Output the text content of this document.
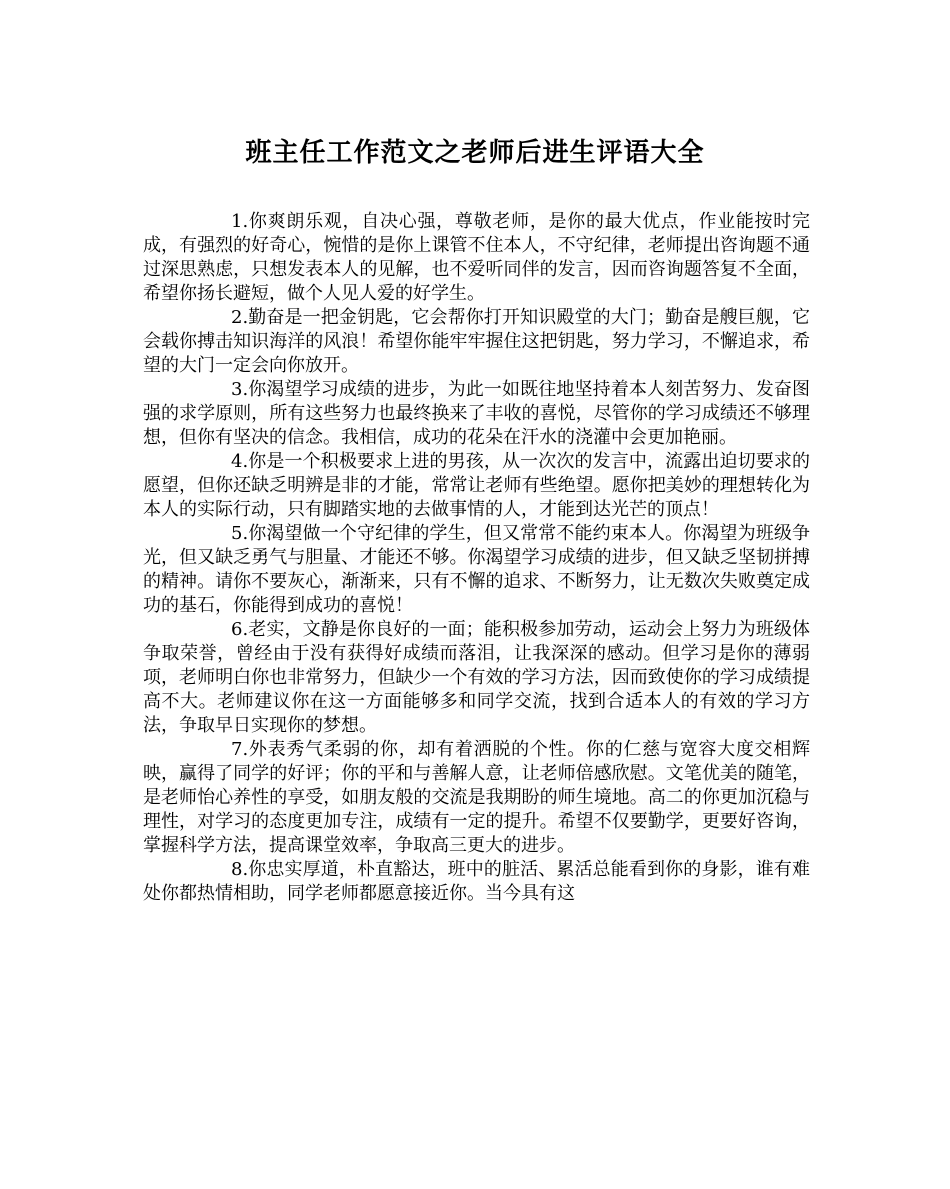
班主任工作范文之老师后进生评语大全

1.你爽朗乐观，自决心强，尊敬老师，是你的最大优点，作业能按时完成，有强烈的好奇心，惋惜的是你上课管不住本人，不守纪律，老师提出咨询题不通过深思熟虑，只想发表本人的见解，也不爱听同伴的发言，因而咨询题答复不全面，希望你扬长避短，做个人见人爱的好学生。

2.勤奋是一把金钥匙，它会帮你打开知识殿堂的大门；勤奋是艘巨舰，它会载你搏击知识海洋的风浪！希望你能牢牢握住这把钥匙，努力学习，不懈追求，希望的大门一定会向你放开。

3.你渴望学习成绩的进步，为此一如既往地坚持着本人刻苦努力、发奋图强的求学原则，所有这些努力也最终换来了丰收的喜悦，尽管你的学习成绩还不够理想，但你有坚决的信念。我相信，成功的花朵在汗水的浇灌中会更加艳丽。

4.你是一个积极要求上进的男孩，从一次次的发言中，流露出迫切要求的愿望，但你还缺乏明辨是非的才能，常常让老师有些绝望。愿你把美妙的理想转化为本人的实际行动，只有脚踏实地的去做事情的人，才能到达光芒的顶点！

5.你渴望做一个守纪律的学生，但又常常不能约束本人。你渴望为班级争光，但又缺乏勇气与胆量、才能还不够。你渴望学习成绩的进步，但又缺乏坚韧拼搏的精神。请你不要灰心，渐渐来，只有不懈的追求、不断努力，让无数次失败奠定成功的基石，你能得到成功的喜悦！

6.老实，文静是你良好的一面；能积极参加劳动，运动会上努力为班级体争取荣誉，曾经由于没有获得好成绩而落泪，让我深深的感动。但学习是你的薄弱项，老师明白你也非常努力，但缺少一个有效的学习方法，因而致使你的学习成绩提高不大。老师建议你在这一方面能够多和同学交流，找到合适本人的有效的学习方法，争取早日实现你的梦想。

7.外表秀气柔弱的你，却有着洒脱的个性。你的仁慈与宽容大度交相辉映，赢得了同学的好评；你的平和与善解人意，让老师倍感欣慰。文笔优美的随笔，是老师怡心养性的享受，如朋友般的交流是我期盼的师生境地。高二的你更加沉稳与理性，对学习的态度更加专注，成绩有一定的提升。希望不仅要勤学，更要好咨询，掌握科学方法，提高课堂效率，争取高三更大的进步。

8.你忠实厚道，朴直豁达，班中的脏活、累活总能看到你的身影，谁有难处你都热情相助，同学老师都愿意接近你。当今具有这
